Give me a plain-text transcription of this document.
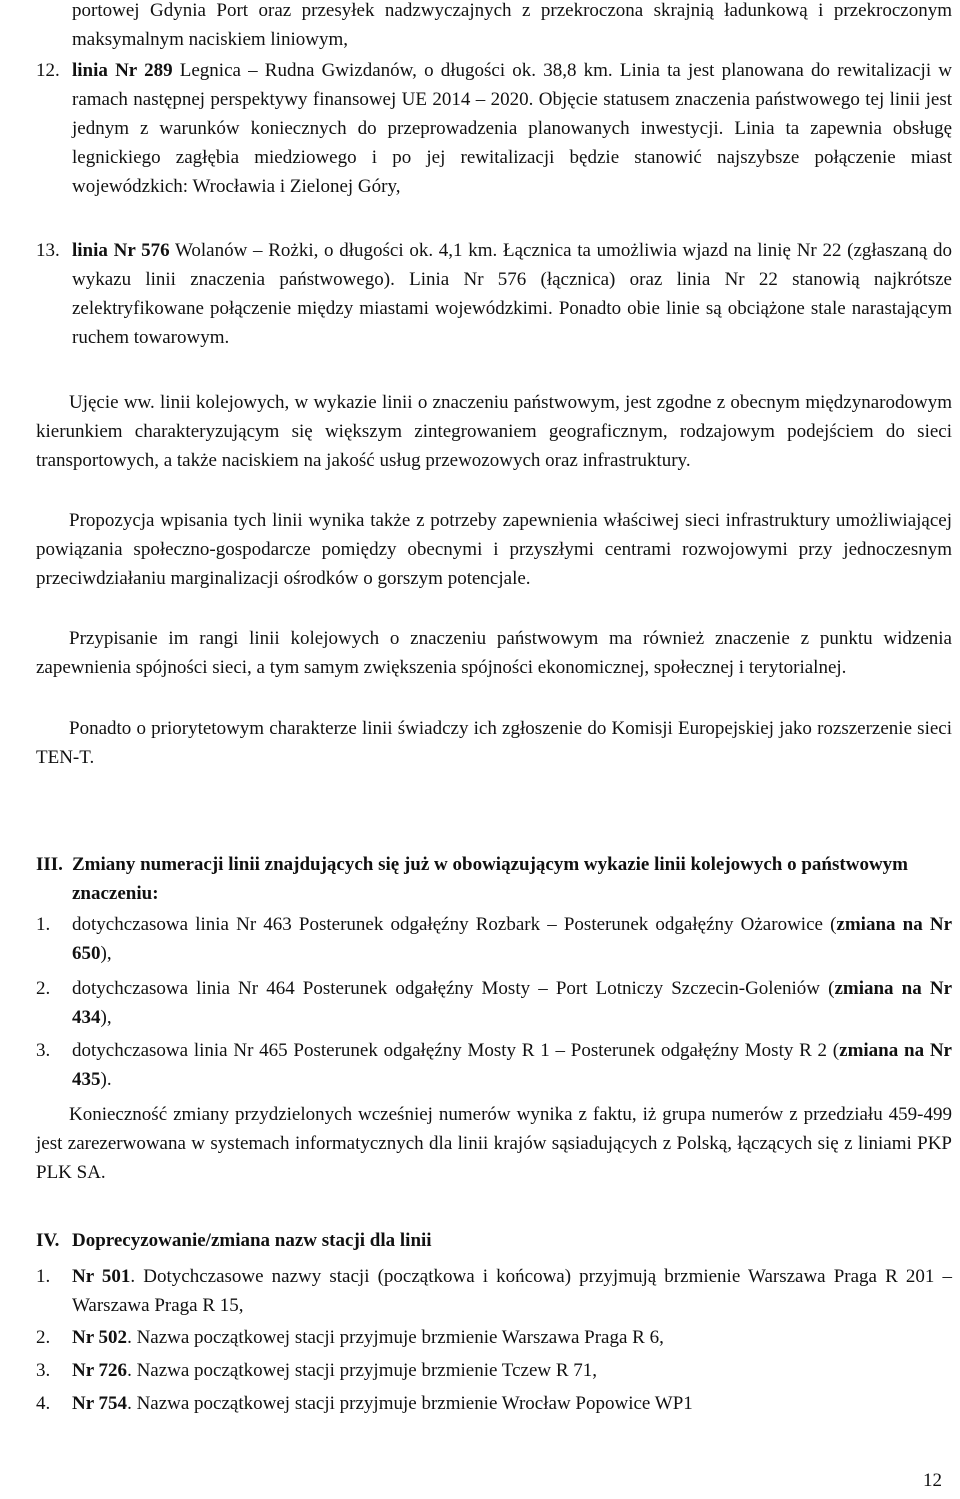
portowej Gdynia Port oraz przesyłek nadzwyczajnych z przekroczona skrajnią ładunkową i przekroczonym maksymalnym naciskiem liniowym,

12. linia Nr 289 Legnica – Rudna Gwizdanów, o długości ok. 38,8 km. Linia ta jest planowana do rewitalizacji w ramach następnej perspektywy finansowej UE 2014 – 2020. Objęcie statusem znaczenia państwowego tej linii jest jednym z warunków koniecznych do przeprowadzenia planowanych inwestycji. Linia ta zapewnia obsługę legnickiego zagłębia miedziowego i po jej rewitalizacji będzie stanowić najszybsze połączenie miast wojewódzkich: Wrocławia i Zielonej Góry,

13. linia Nr 576 Wolanów – Rożki, o długości ok. 4,1 km. Łącznica ta umożliwia wjazd na linię Nr 22 (zgłaszaną do wykazu linii znaczenia państwowego). Linia Nr 576 (łącznica) oraz linia Nr 22 stanowią najkrótsze zelektryfikowane połączenie między miastami wojewódzkimi. Ponadto obie linie są obciążone stale narastającym ruchem towarowym.

Ujęcie ww. linii kolejowych, w wykazie linii o znaczeniu państwowym, jest zgodne z obecnym międzynarodowym kierunkiem charakteryzującym się większym zintegrowaniem geograficznym, rodzajowym podejściem do sieci transportowych, a także naciskiem na jakość usług przewozowych oraz infrastruktury.

Propozycja wpisania tych linii wynika także z potrzeby zapewnienia właściwej sieci infrastruktury umożliwiającej powiązania społeczno-gospodarcze pomiędzy obecnymi i przyszłymi centrami rozwojowymi przy jednoczesnym przeciwdziałaniu marginalizacji ośrodków o gorszym potencjale.

Przypisanie im rangi linii kolejowych o znaczeniu państwowym ma również znaczenie z punktu widzenia zapewnienia spójności sieci, a tym samym zwiększenia spójności ekonomicznej, społecznej i terytorialnej.

Ponadto o priorytetowym charakterze linii świadczy ich zgłoszenie do Komisji Europejskiej jako rozszerzenie sieci TEN-T.

III. Zmiany numeracji linii znajdujących się już w obowiązującym wykazie linii kolejowych o państwowym znaczeniu:
1.	dotychczasowa linia Nr 463 Posterunek odgałęźny Rozbark – Posterunek odgałęźny Ożarowice (zmiana na Nr 650),

2.	dotychczasowa linia Nr 464 Posterunek odgałęźny Mosty – Port Lotniczy Szczecin-Goleniów (zmiana na Nr 434),

3.	dotychczasowa linia Nr 465 Posterunek odgałęźny Mosty R 1 – Posterunek odgałęźny Mosty R 2 (zmiana na Nr 435).

Konieczność zmiany przydzielonych wcześniej numerów wynika z faktu, iż grupa numerów z przedziału 459-499 jest zarezerwowana w systemach informatycznych dla linii krajów sąsiadujących z Polską, łączących się z liniami PKP PLK SA.

IV. Doprecyzowanie/zmiana nazw stacji dla linii
1.	Nr 501. Dotychczasowe nazwy stacji (początkowa i końcowa) przyjmują brzmienie Warszawa Praga R 201 – Warszawa Praga R 15,

2.	Nr 502. Nazwa początkowej stacji przyjmuje brzmienie Warszawa Praga R 6,

3.	Nr 726. Nazwa początkowej stacji przyjmuje brzmienie Tczew R 71,

4.	Nr 754. Nazwa początkowej stacji przyjmuje brzmienie Wrocław Popowice WP1

12
